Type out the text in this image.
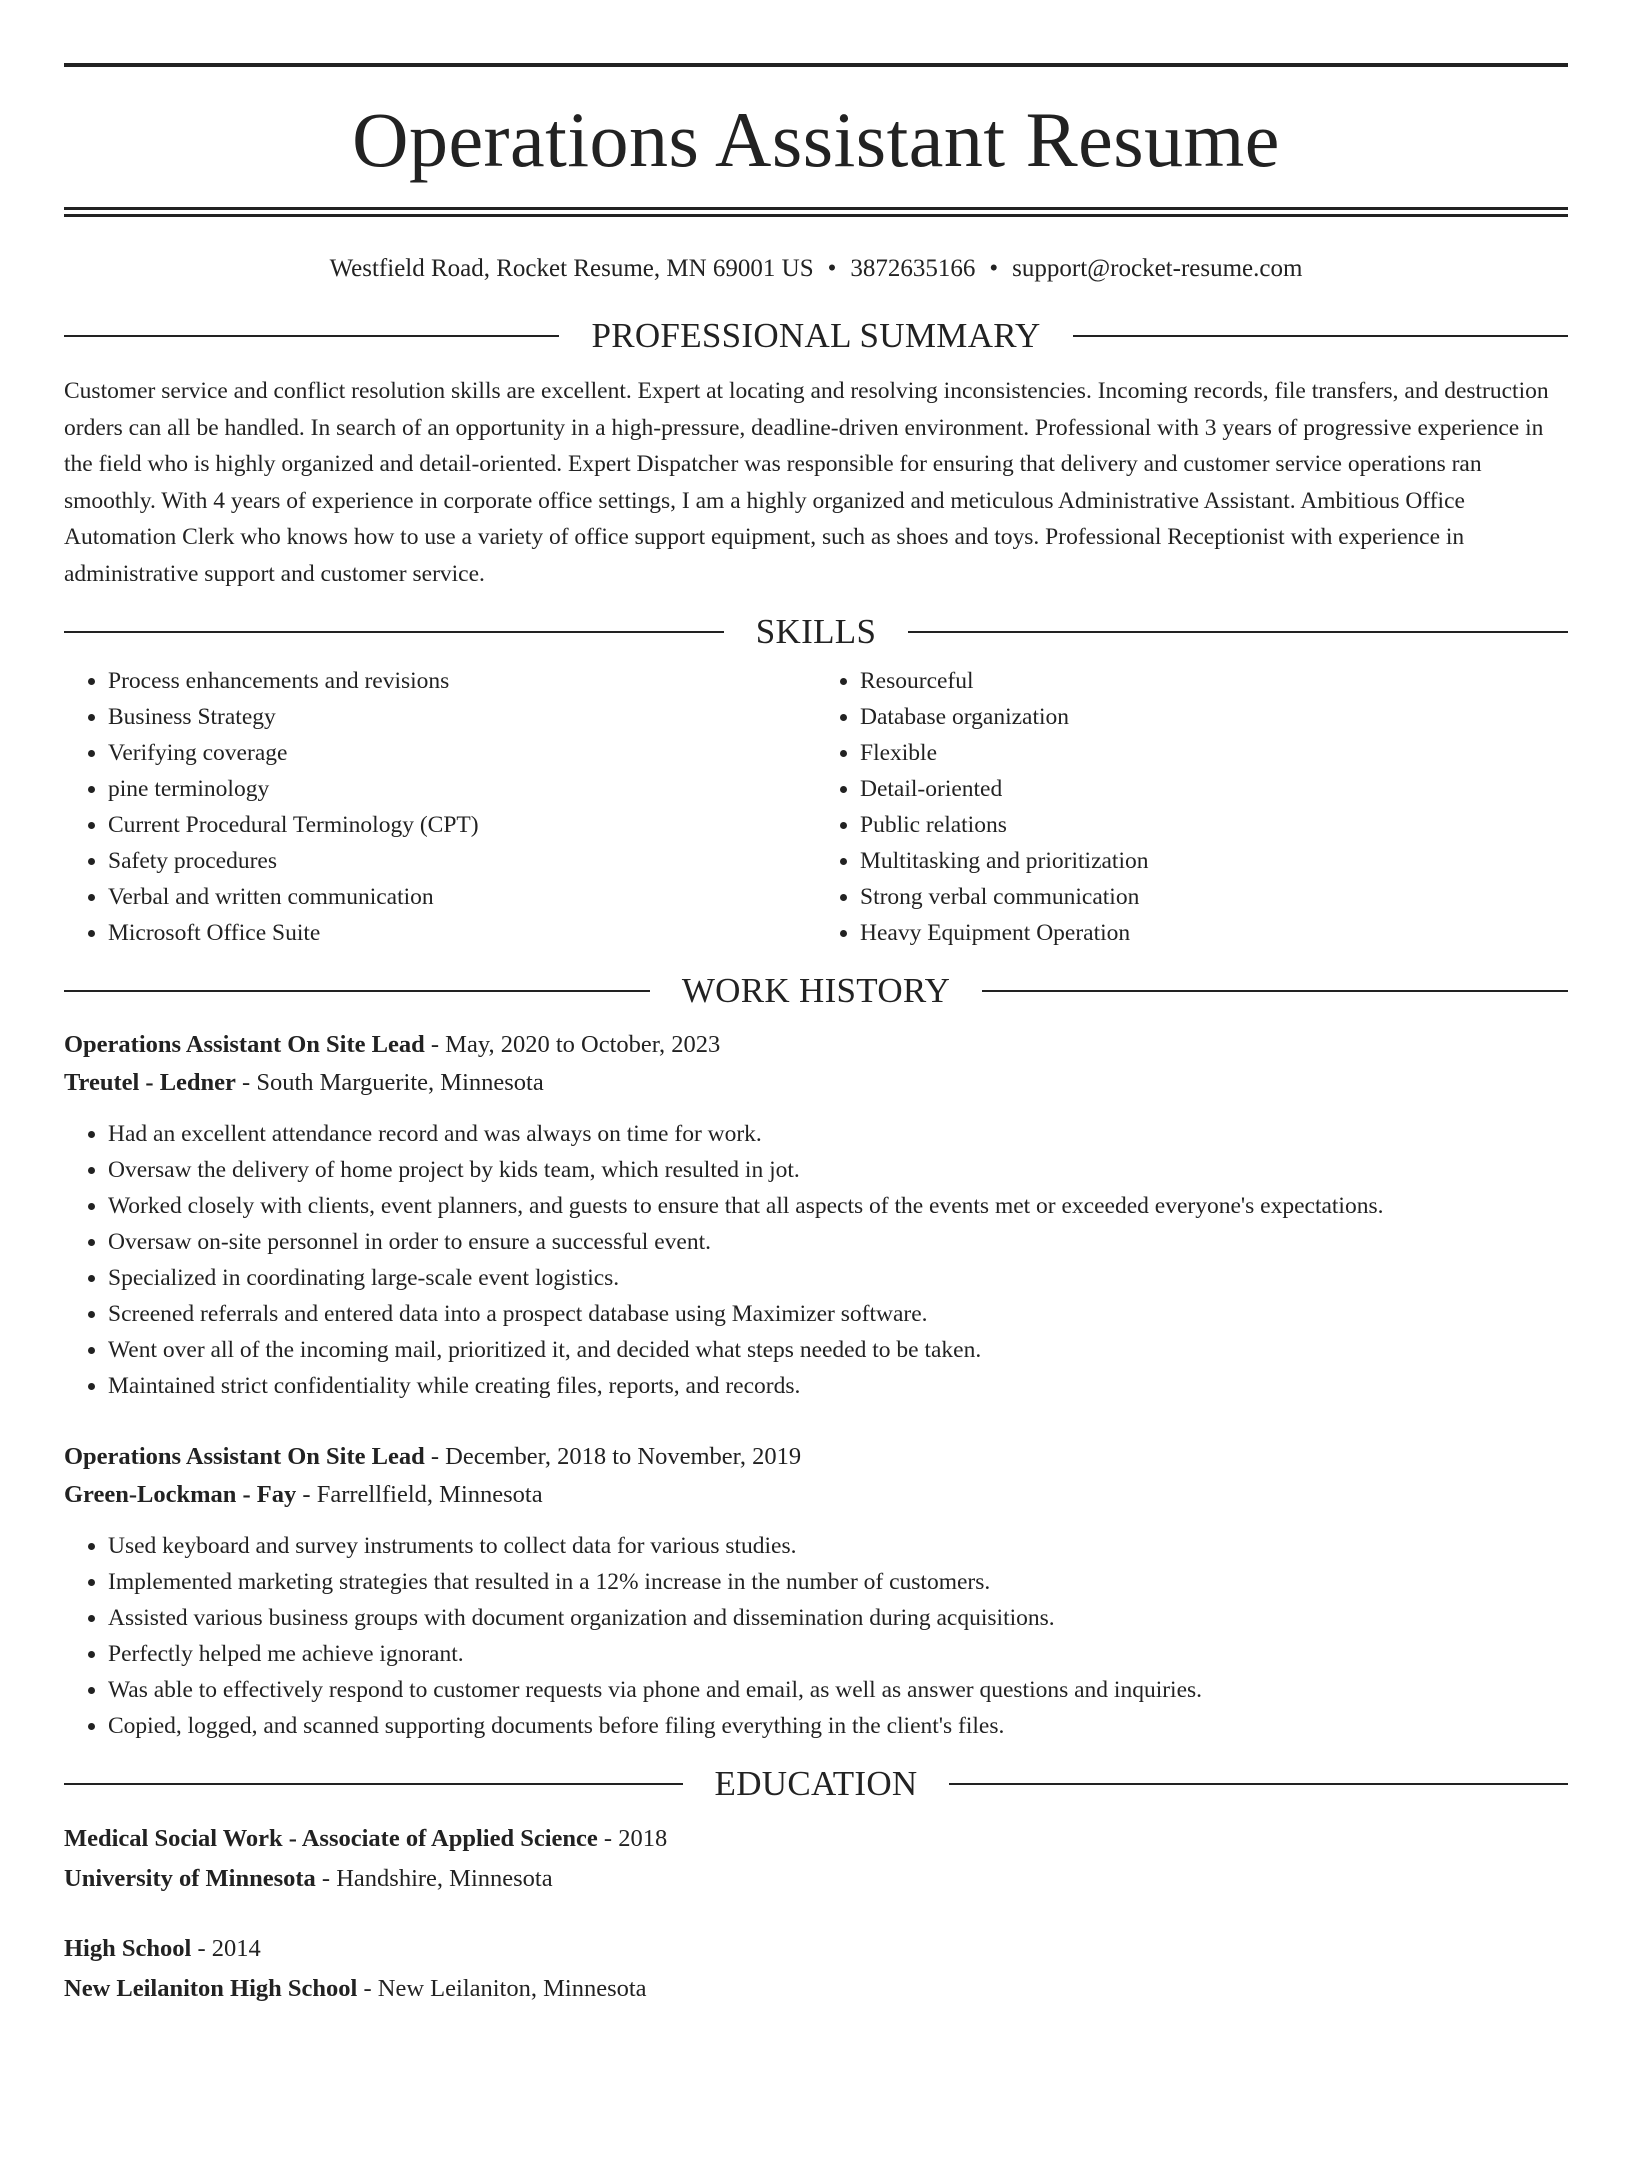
Operations Assistant Resume
Westfield Road, Rocket Resume, MN 69001 US • 3872635166 • support@rocket-resume.com
PROFESSIONAL SUMMARY

Customer service and conflict resolution skills are excellent. Expert at locating and resolving inconsistencies. Incoming records, file transfers, and destruction orders can all be handled. In search of an opportunity in a high-pressure, deadline-driven environment. Professional with 3 years of progressive experience in the field who is highly organized and detail-oriented. Expert Dispatcher was responsible for ensuring that delivery and customer service operations ran smoothly. With 4 years of experience in corporate office settings, I am a highly organized and meticulous Administrative Assistant. Ambitious Office Automation Clerk who knows how to use a variety of office support equipment, such as shoes and toys. Professional Receptionist with experience in administrative support and customer service.

SKILLS
• Process enhancements and revisions
• Business Strategy
• Verifying coverage
• pine terminology
• Current Procedural Terminology (CPT)
• Safety procedures
• Verbal and written communication
• Microsoft Office Suite
• Resourceful
• Database organization
• Flexible
• Detail-oriented
• Public relations
• Multitasking and prioritization
• Strong verbal communication
• Heavy Equipment Operation
WORK HISTORY
Operations Assistant On Site Lead - May, 2020 to October, 2023
Treutel - Ledner - South Marguerite, Minnesota
• Had an excellent attendance record and was always on time for work.
• Oversaw the delivery of home project by kids team, which resulted in jot.
• Worked closely with clients, event planners, and guests to ensure that all aspects of the events met or exceeded everyone's expectations.
• Oversaw on-site personnel in order to ensure a successful event.
• Specialized in coordinating large-scale event logistics.
• Screened referrals and entered data into a prospect database using Maximizer software.
• Went over all of the incoming mail, prioritized it, and decided what steps needed to be taken.
• Maintained strict confidentiality while creating files, reports, and records.
Operations Assistant On Site Lead - December, 2018 to November, 2019
Green-Lockman - Fay - Farrellfield, Minnesota
• Used keyboard and survey instruments to collect data for various studies.
• Implemented marketing strategies that resulted in a 12% increase in the number of customers.
• Assisted various business groups with document organization and dissemination during acquisitions.
• Perfectly helped me achieve ignorant.
• Was able to effectively respond to customer requests via phone and email, as well as answer questions and inquiries.
• Copied, logged, and scanned supporting documents before filing everything in the client's files.
EDUCATION
Medical Social Work - Associate of Applied Science - 2018
University of Minnesota - Handshire, Minnesota
High School - 2014
New Leilaniton High School - New Leilaniton, Minnesota
